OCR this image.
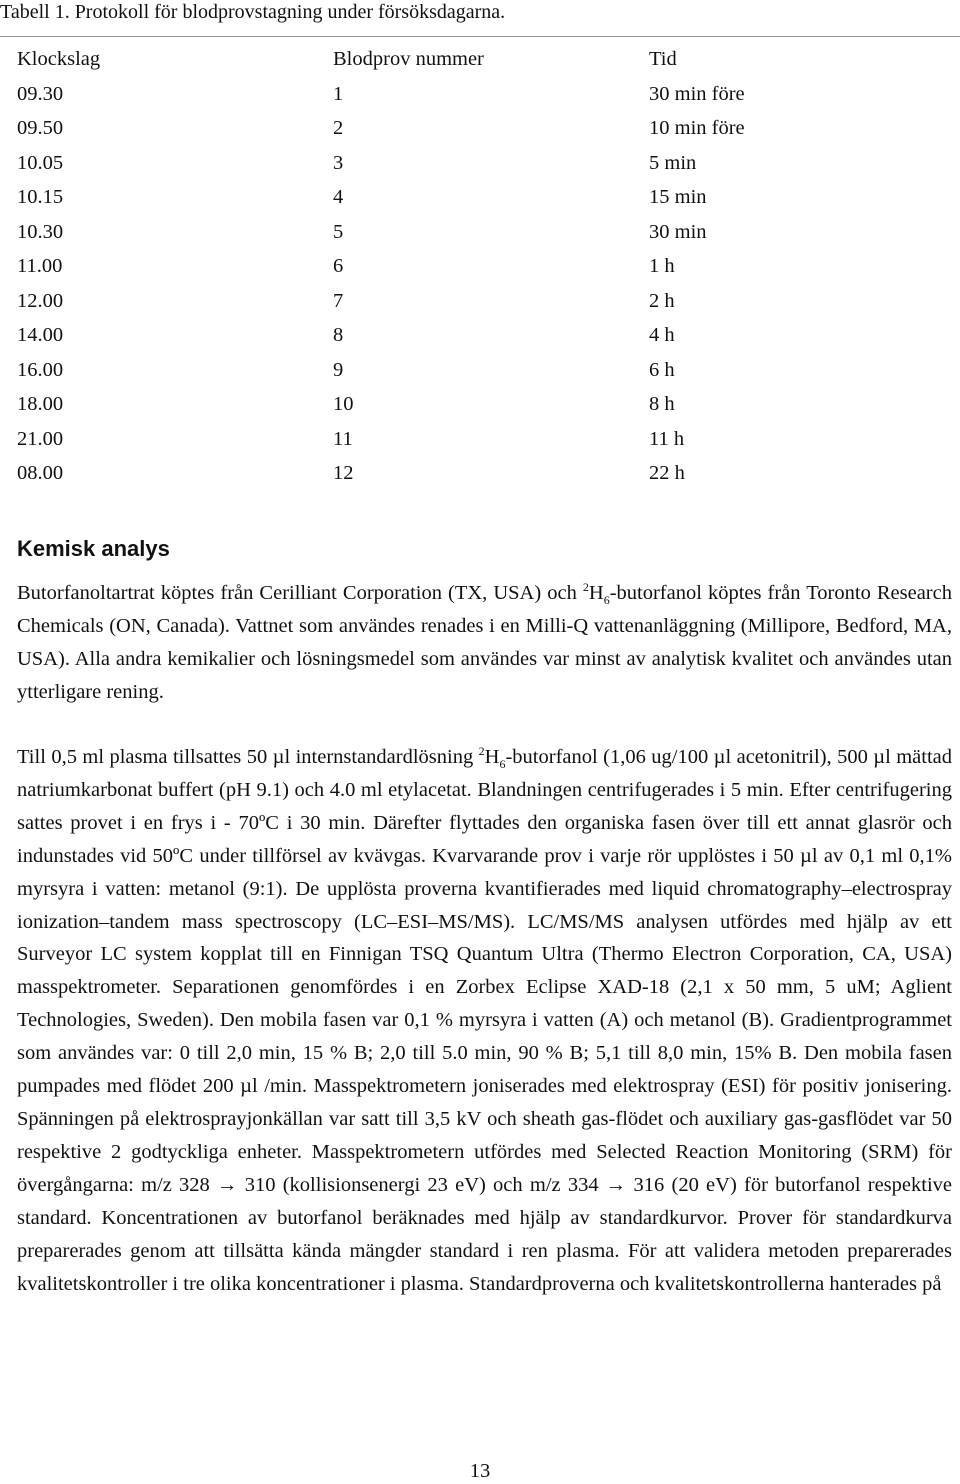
Tabell 1. Protokoll för blodprovstagning under försöksdagarna.

Klockslag	Blodprov nummer	Tid
09.30	1	30 min före
09.50	2	10 min före
10.05	3	5 min
10.15	4	15 min
10.30	5	30 min
11.00	6	1 h
12.00	7	2 h
14.00	8	4 h
16.00	9	6 h
18.00	10	8 h
21.00	11	11 h
08.00	12	22 h
Kemisk analys

Butorfanoltartrat köptes från Cerilliant Corporation (TX, USA) och $^2H_6$-butorfanol köptes från Toronto Research Chemicals (ON, Canada). Vattnet som användes renades i en Milli-Q vattenanläggning (Millipore, Bedford, MA, USA). Alla andra kemikalier och lösningsmedel som användes var minst av analytisk kvalitet och användes utan ytterligare rening.

Till 0,5 ml plasma tillsattes 50 µl internstandardlösning $^2H_6$-butorfanol (1,06 ug/100 µl acetonitril), 500 µl mättad natriumkarbonat buffert (pH 9.1) och 4.0 ml etylacetat. Blandningen centrifugerades i 5 min. Efter centrifugering sattes provet i en frys i - 70ºC i 30 min. Därefter flyttades den organiska fasen över till ett annat glasrör och indunstades vid 50ºC under tillförsel av kvävgas. Kvarvarande prov i varje rör upplöstes i 50 µl av 0,1 ml 0,1% myrsyra i vatten: metanol (9:1). De upplösta proverna kvantifierades med liquid chromatography–electrospray ionization–tandem mass spectroscopy (LC–ESI–MS/MS). LC/MS/MS analysen utfördes med hjälp av ett Surveyor LC system kopplat till en Finnigan TSQ Quantum Ultra (Thermo Electron Corporation, CA, USA) masspektrometer. Separationen genomfördes i en Zorbex Eclipse XAD-18 (2,1 x 50 mm, 5 uM; Aglient Technologies, Sweden). Den mobila fasen var 0,1 % myrsyra i vatten (A) och metanol (B). Gradientprogrammet som användes var: 0 till 2,0 min, 15 % B; 2,0 till 5.0 min, 90 % B; 5,1 till 8,0 min, 15% B. Den mobila fasen pumpades med flödet 200 µl /min. Masspektrometern joniserades med elektrospray (ESI) för positiv jonisering. Spänningen på elektrosprayjonkällan var satt till 3,5 kV och sheath gas-flödet och auxiliary gas-gasflödet var 50 respektive 2 godtyckliga enheter. Masspektrometern utfördes med Selected Reaction Monitoring (SRM) för övergångarna: m/z 328 → 310 (kollisionsenergi 23 eV) och m/z 334 → 316 (20 eV) för butorfanol respektive standard. Koncentrationen av butorfanol beräknades med hjälp av standardkurvor. Prover för standardkurva preparerades genom att tillsätta kända mängder standard i ren plasma. För att validera metoden preparerades kvalitetskontroller i tre olika koncentrationer i plasma. Standardproverna och kvalitetskontrollerna hanterades på

13
